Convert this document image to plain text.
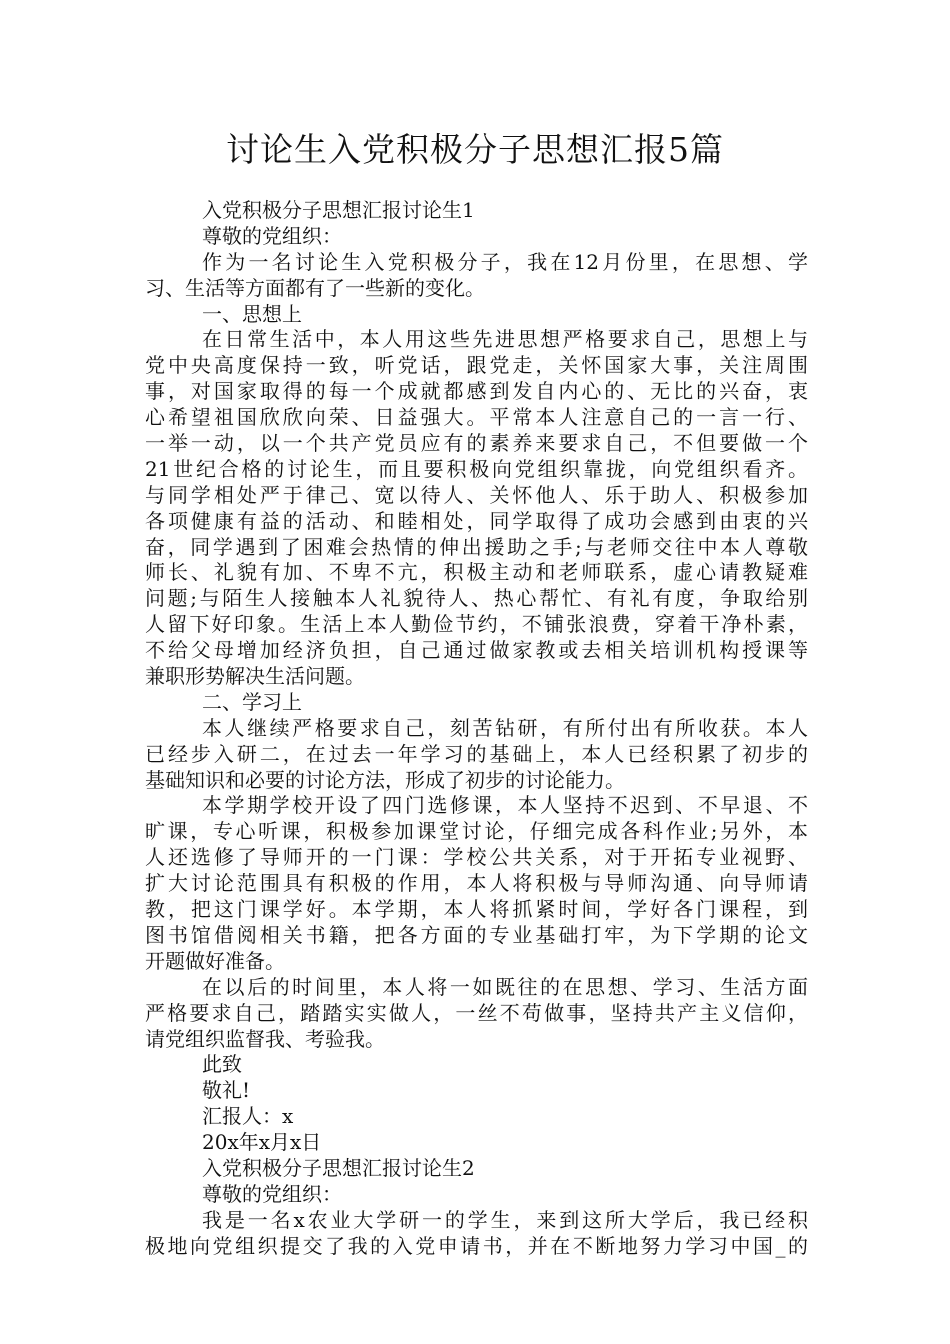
讨论生入党积极分子思想汇报5篇
入党积极分子思想汇报讨论生1
尊敬的党组织：
作为一名讨论生入党积极分子，我在12月份里，在思想、学
习、生活等方面都有了一些新的变化。
一、思想上
在日常生活中，本人用这些先进思想严格要求自己，思想上与
党中央高度保持一致，听党话，跟党走，关怀国家大事，关注周围
事，对国家取得的每一个成就都感到发自内心的、无比的兴奋，衷
心希望祖国欣欣向荣、日益强大。平常本人注意自己的一言一行、
一举一动，以一个共产党员应有的素养来要求自己，不但要做一个
21世纪合格的讨论生，而且要积极向党组织靠拢，向党组织看齐。
与同学相处严于律己、宽以待人、关怀他人、乐于助人、积极参加
各项健康有益的活动、和睦相处，同学取得了成功会感到由衷的兴
奋，同学遇到了困难会热情的伸出援助之手;与老师交往中本人尊敬
师长、礼貌有加、不卑不亢，积极主动和老师联系，虚心请教疑难
问题;与陌生人接触本人礼貌待人、热心帮忙、有礼有度，争取给别
人留下好印象。生活上本人勤俭节约，不铺张浪费，穿着干净朴素，
不给父母增加经济负担，自己通过做家教或去相关培训机构授课等
兼职形势解决生活问题。
二、学习上
本人继续严格要求自己，刻苦钻研，有所付出有所收获。本人
已经步入研二，在过去一年学习的基础上，本人已经积累了初步的
基础知识和必要的讨论方法，形成了初步的讨论能力。
本学期学校开设了四门选修课，本人坚持不迟到、不早退、不
旷课，专心听课，积极参加课堂讨论，仔细完成各科作业;另外，本
人还选修了导师开的一门课：学校公共关系，对于开拓专业视野、
扩大讨论范围具有积极的作用，本人将积极与导师沟通、向导师请
教，把这门课学好。本学期，本人将抓紧时间，学好各门课程，到
图书馆借阅相关书籍，把各方面的专业基础打牢，为下学期的论文
开题做好准备。
在以后的时间里，本人将一如既往的在思想、学习、生活方面
严格要求自己，踏踏实实做人，一丝不苟做事，坚持共产主义信仰，
请党组织监督我、考验我。
此致
敬礼!
汇报人：x
20x年x月x日
入党积极分子思想汇报讨论生2
尊敬的党组织：
我是一名x农业大学研一的学生，来到这所大学后，我已经积
极地向党组织提交了我的入党申请书，并在不断地努力学习中国_的
